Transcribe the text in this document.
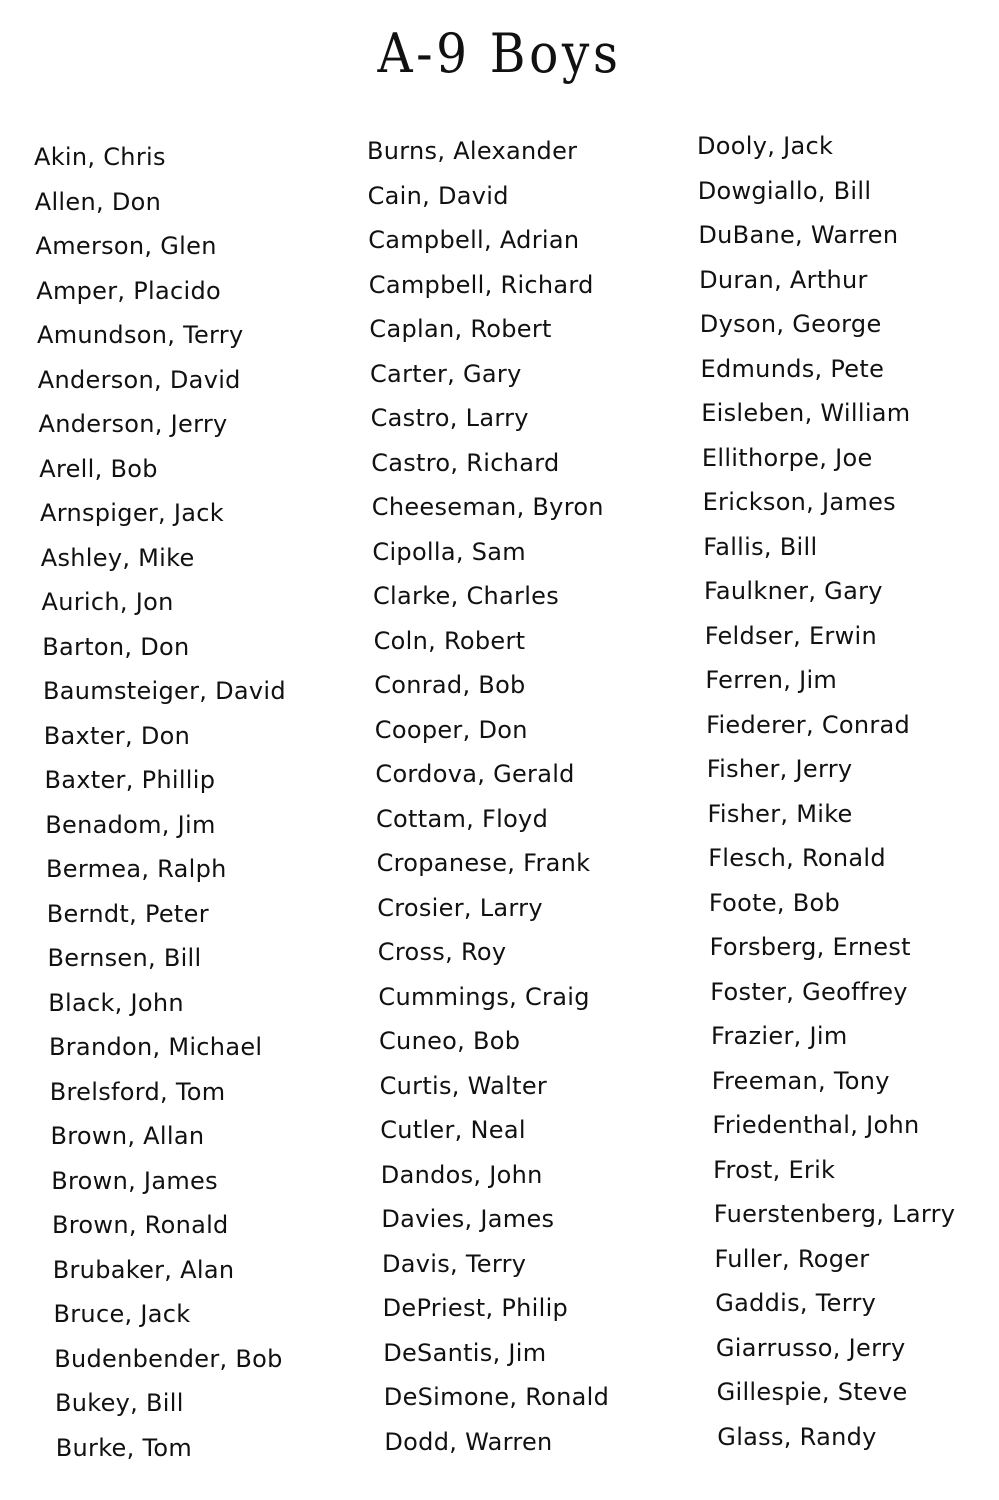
A-9 Boys
Akin, Chris
Allen, Don
Amerson, Glen
Amper, Placido
Amundson, Terry
Anderson, David
Anderson, Jerry
Arell, Bob
Arnspiger, Jack
Ashley, Mike
Aurich, Jon
Barton, Don
Baumsteiger, David
Baxter, Don
Baxter, Phillip
Benadom, Jim
Bermea, Ralph
Berndt, Peter
Bernsen, Bill
Black, John
Brandon, Michael
Brelsford, Tom
Brown, Allan
Brown, James
Brown, Ronald
Brubaker, Alan
Bruce, Jack
Budenbender, Bob
Bukey, Bill
Burke, Tom
Burns, Alexander
Cain, David
Campbell, Adrian
Campbell, Richard
Caplan, Robert
Carter, Gary
Castro, Larry
Castro, Richard
Cheeseman, Byron
Cipolla, Sam
Clarke, Charles
Coln, Robert
Conrad, Bob
Cooper, Don
Cordova, Gerald
Cottam, Floyd
Cropanese, Frank
Crosier, Larry
Cross, Roy
Cummings, Craig
Cuneo, Bob
Curtis, Walter
Cutler, Neal
Dandos, John
Davies, James
Davis, Terry
DePriest, Philip
DeSantis, Jim
DeSimone, Ronald
Dodd, Warren
Dooly, Jack
Dowgiallo, Bill
DuBane, Warren
Duran, Arthur
Dyson, George
Edmunds, Pete
Eisleben, William
Ellithorpe, Joe
Erickson, James
Fallis, Bill
Faulkner, Gary
Feldser, Erwin
Ferren, Jim
Fiederer, Conrad
Fisher, Jerry
Fisher, Mike
Flesch, Ronald
Foote, Bob
Forsberg, Ernest
Foster, Geoffrey
Frazier, Jim
Freeman, Tony
Friedenthal, John
Frost, Erik
Fuerstenberg, Larry
Fuller, Roger
Gaddis, Terry
Giarrusso, Jerry
Gillespie, Steve
Glass, Randy
